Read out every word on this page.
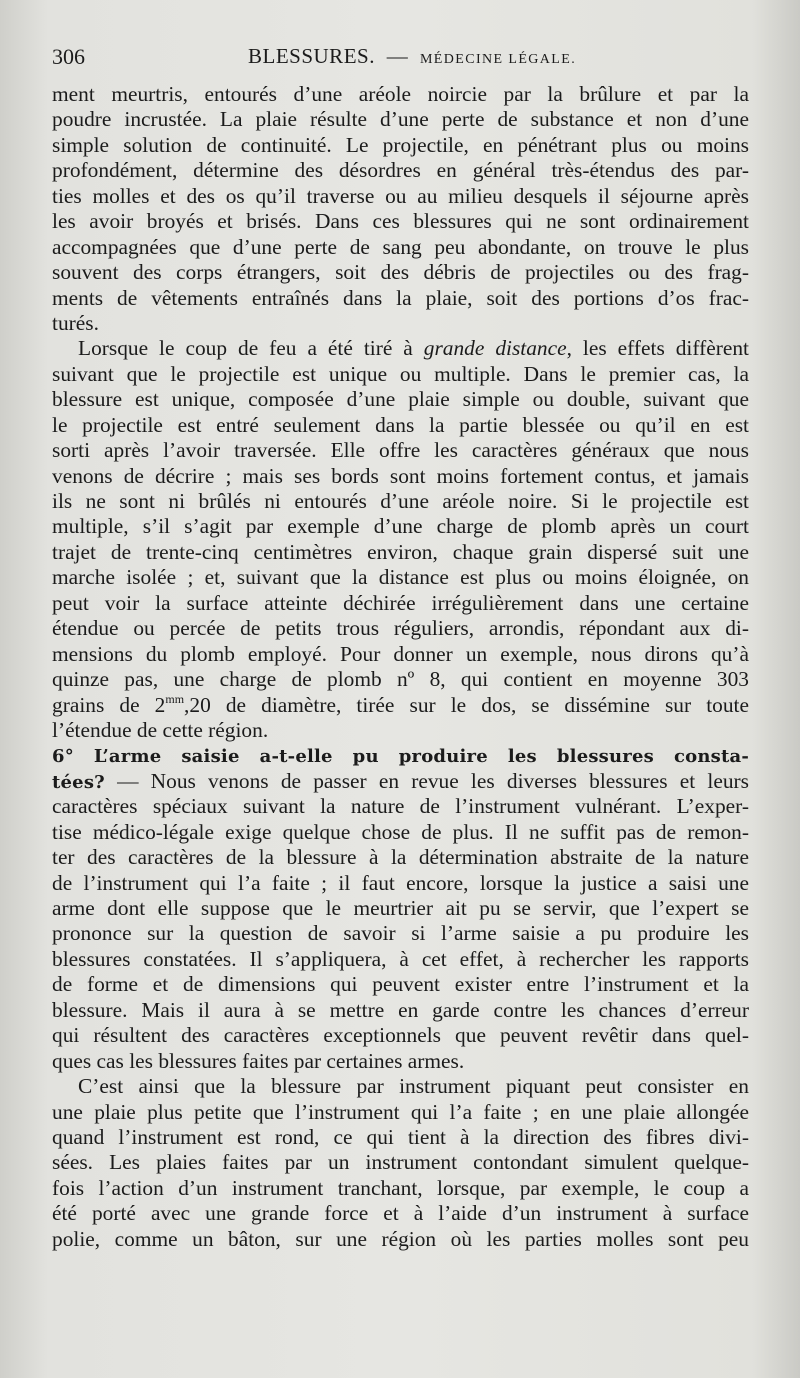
306	BLESSURES. — MÉDECINE LÉGALE.
ment meurtris, entourés d’une aréole noircie par la brûlure et par la
poudre incrustée. La plaie résulte d’une perte de substance et non d’une
simple solution de continuité. Le projectile, en pénétrant plus ou moins
profondément, détermine des désordres en général très-étendus des par-
ties molles et des os qu’il traverse ou au milieu desquels il séjourne après
les avoir broyés et brisés. Dans ces blessures qui ne sont ordinairement
accompagnées que d’une perte de sang peu abondante, on trouve le plus
souvent des corps étrangers, soit des débris de projectiles ou des frag-
ments de vêtements entraînés dans la plaie, soit des portions d’os frac-
turés.
Lorsque le coup de feu a été tiré à grande distance, les effets diffèrent
suivant que le projectile est unique ou multiple. Dans le premier cas, la
blessure est unique, composée d’une plaie simple ou double, suivant que
le projectile est entré seulement dans la partie blessée ou qu’il en est
sorti après l’avoir traversée. Elle offre les caractères généraux que nous
venons de décrire ; mais ses bords sont moins fortement contus, et jamais
ils ne sont ni brûlés ni entourés d’une aréole noire. Si le projectile est
multiple, s’il s’agit par exemple d’une charge de plomb après un court
trajet de trente-cinq centimètres environ, chaque grain dispersé suit une
marche isolée ; et, suivant que la distance est plus ou moins éloignée, on
peut voir la surface atteinte déchirée irrégulièrement dans une certaine
étendue ou percée de petits trous réguliers, arrondis, répondant aux di-
mensions du plomb employé. Pour donner un exemple, nous dirons qu’à
quinze pas, une charge de plomb nº 8, qui contient en moyenne 303
grains de $2^{mm},20$ de diamètre, tirée sur le dos, se dissémine sur toute
l’étendue de cette région.
6° L’arme saisie a-t-elle pu produire les blessures consta-
tées? — Nous venons de passer en revue les diverses blessures et leurs
caractères spéciaux suivant la nature de l’instrument vulnérant. L’exper-
tise médico-légale exige quelque chose de plus. Il ne suffit pas de remon-
ter des caractères de la blessure à la détermination abstraite de la nature
de l’instrument qui l’a faite ; il faut encore, lorsque la justice a saisi une
arme dont elle suppose que le meurtrier ait pu se servir, que l’expert se
prononce sur la question de savoir si l’arme saisie a pu produire les
blessures constatées. Il s’appliquera, à cet effet, à rechercher les rapports
de forme et de dimensions qui peuvent exister entre l’instrument et la
blessure. Mais il aura à se mettre en garde contre les chances d’erreur
qui résultent des caractères exceptionnels que peuvent revêtir dans quel-
ques cas les blessures faites par certaines armes.
C’est ainsi que la blessure par instrument piquant peut consister en
une plaie plus petite que l’instrument qui l’a faite ; en une plaie allongée
quand l’instrument est rond, ce qui tient à la direction des fibres divi-
sées. Les plaies faites par un instrument contondant simulent quelque-
fois l’action d’un instrument tranchant, lorsque, par exemple, le coup a
été porté avec une grande force et à l’aide d’un instrument à surface
polie, comme un bâton, sur une région où les parties molles sont peu
